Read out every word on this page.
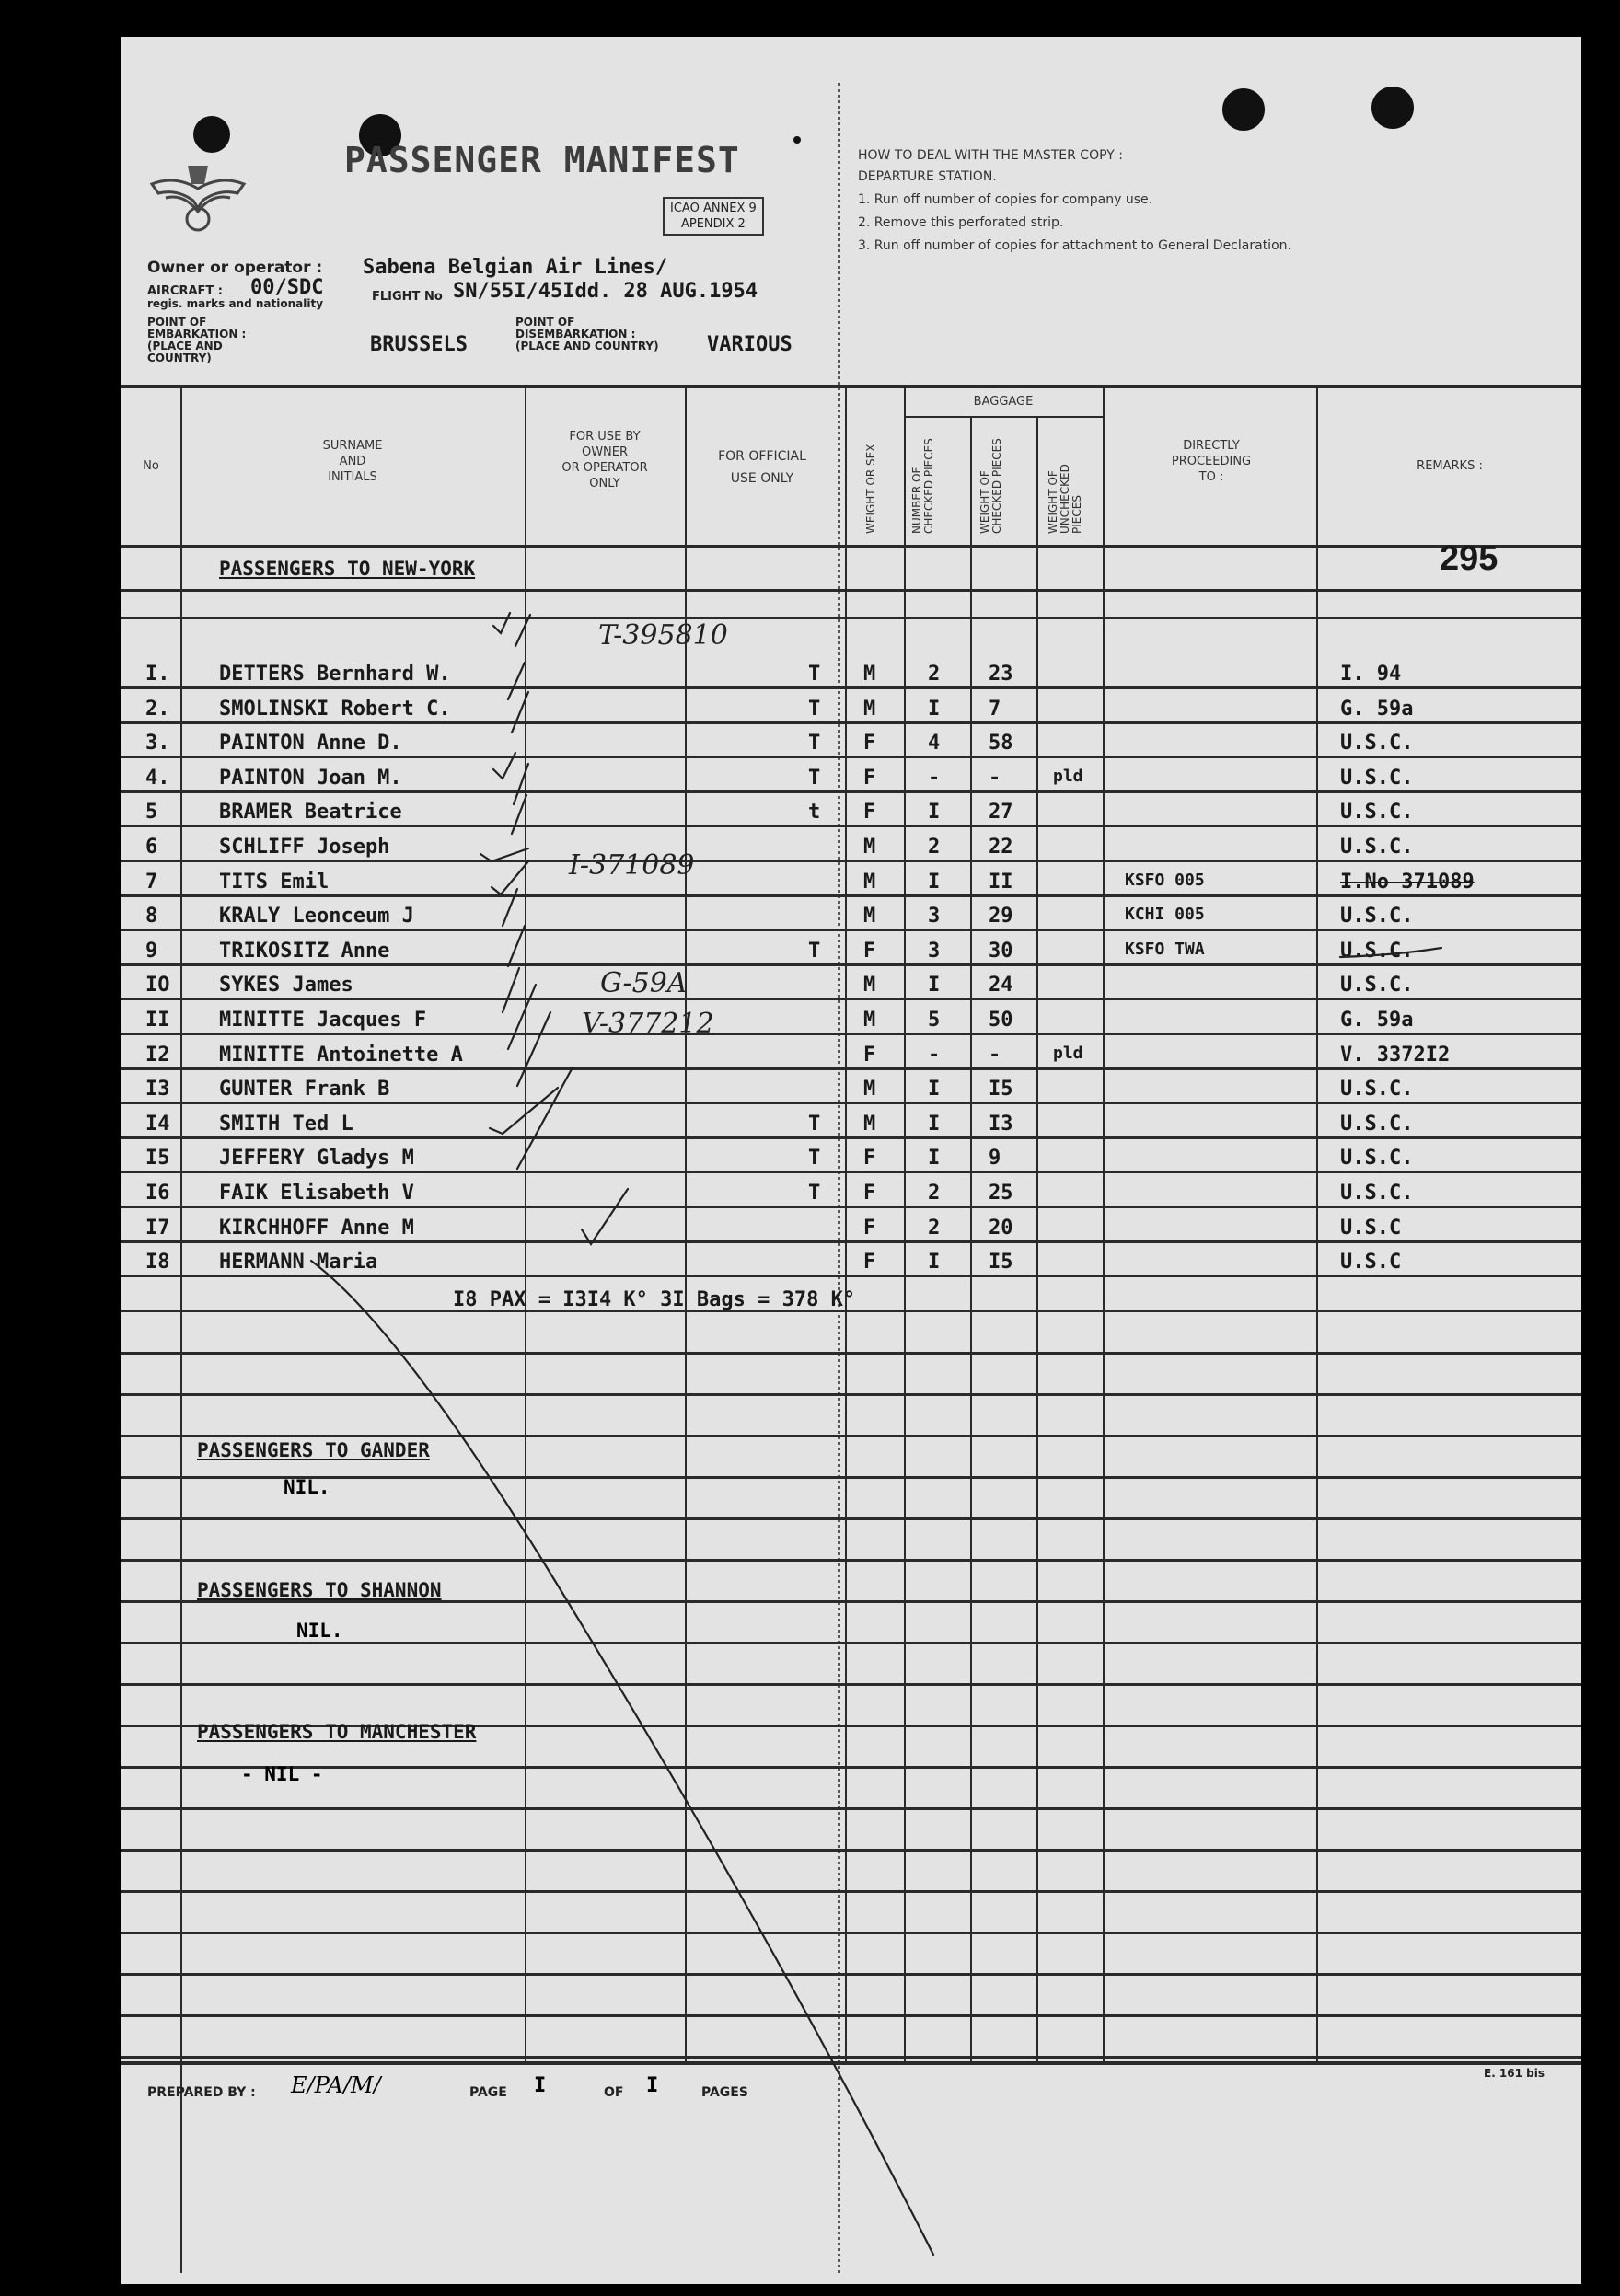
PASSENGER MANIFEST
ICAO ANNEX 9
APENDIX 2
Owner or operator : Sabena Belgian Air Lines/
AIRCRAFT : 00/SDC	FLIGHT No SN/55I/45Idd. 28 AUG.1954
regis. marks and nationality
POINT OF
EMBARKATION :
(PLACE AND COUNTRY)
BRUSSELS
POINT OF
DISEMBARKATION :
(PLACE AND COUNTRY)	VARIOUS
HOW TO DEAL WITH THE MASTER COPY :
DEPARTURE STATION.
1. Run off number of copies for company use.
2. Remove this perforated strip.
3. Run off number of copies for attachment to General Declaration.
No
SURNAME
AND
INITIALS
FOR USE BY
OWNER
OR OPERATOR
ONLY
FOR OFFICIAL
USE ONLY	WEIGHT OR SEX
BAGGAGE
NUMBER OF CHECKED PIECES	WEIGHT OF CHECKED PIECES	WEIGHT OF UNCHECKED PIECES
DIRECTLY
PROCEEDING
TO :
REMARKS :
PASSENGERS TO NEW-YORK	295
I. DETTERS Bernhard W.	T M	2 23	I. 94
2. SMOLINSKI Robert C.	T M	I 7	G. 59a
3. PAINTON Anne D.	T F	4 58	U.S.C.
4. PAINTON Joan M.	T F	- -	pld	U.S.C.
5	BRAMER Beatrice	t F	I 27	U.S.C.
6	SCHLIFF Joseph	M	2 22	U.S.C.
7	TITS Emil	M	I II	KSFO 005	I.No 371089
8	KRALY Leonceum J	M	3 29	KCHI 005	U.S.C.
9	TRIKOSITZ Anne	T F	3 30	KSFO TWA	U.S.C.
IO SYKES James	M	I 24	U.S.C.
II MINITTE Jacques F	M	5 50	G. 59a
I2 MINITTE Antoinette A	F	- -	pld	V. 3372I2
I3 GUNTER Frank B	M	I I5	U.S.C.
I4 SMITH Ted L	T M	I I3	U.S.C.
I5 JEFFERY Gladys M	T F	I 9	U.S.C.
I6 FAIK Elisabeth V	T F	2 25	U.S.C.
I7 KIRCHHOFF Anne M	F	2 20	U.S.C
I8 HERMANN Maria	F	I I5	U.S.C
I8 PAX = I3I4 K° 3I Bags = 378 K°
PASSENGERS TO GANDER
NIL.
PASSENGERS TO SHANNON
NIL.
PASSENGERS TO MANCHESTER
- NIL -
PREPARED BY : E/PA/M/	PAGE I	OF I	PAGES
E. 161 bis
T-395810
I-371089
G-59A
V-377212
